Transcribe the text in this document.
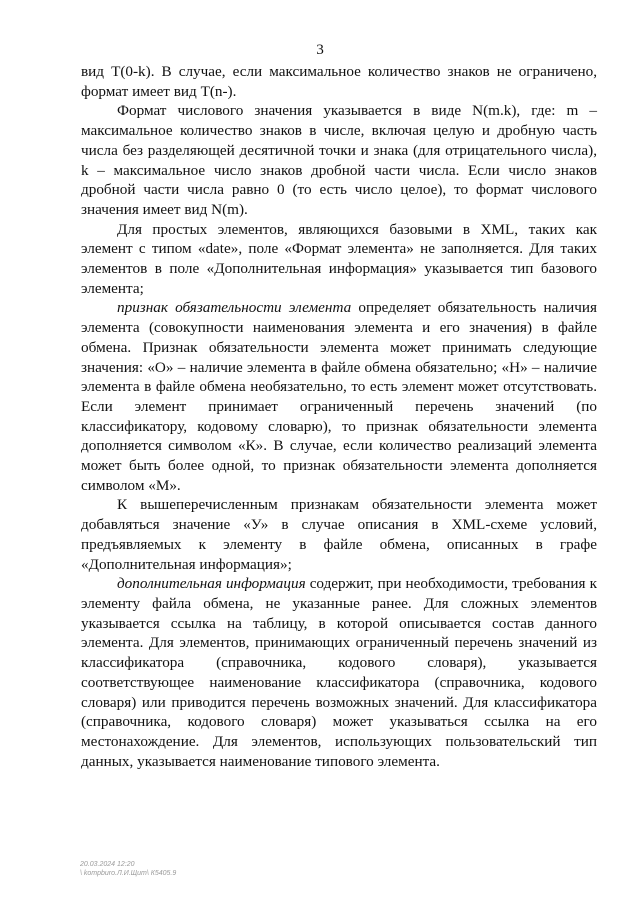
3

вид T(0-k). В случае, если максимальное количество знаков не ограничено, формат имеет вид T(n-).

Формат числового значения указывается в виде N(m.k), где: m – максимальное количество знаков в числе, включая целую и дробную часть числа без разделяющей десятичной точки и знака (для отрицательного числа), k – максимальное число знаков дробной части числа. Если число знаков дробной части числа равно 0 (то есть число целое), то формат числового значения имеет вид N(m).

Для простых элементов, являющихся базовыми в XML, таких как элемент с типом «date», поле «Формат элемента» не заполняется. Для таких элементов в поле «Дополнительная информация» указывается тип базового элемента;

признак обязательности элемента определяет обязательность наличия элемента (совокупности наименования элемента и его значения) в файле обмена. Признак обязательности элемента может принимать следующие значения: «О» – наличие элемента в файле обмена обязательно; «Н» – наличие элемента в файле обмена необязательно, то есть элемент может отсутствовать. Если элемент принимает ограниченный перечень значений (по классификатору, кодовому словарю), то признак обязательности элемента дополняется символом «К». В случае, если количество реализаций элемента может быть более одной, то признак обязательности элемента дополняется символом «М».

К вышеперечисленным признакам обязательности элемента может добавляться значение «У» в случае описания в XML-схеме условий, предъявляемых к элементу в файле обмена, описанных в графе «Дополнительная информация»;

дополнительная информация содержит, при необходимости, требования к элементу файла обмена, не указанные ранее. Для сложных элементов указывается ссылка на таблицу, в которой описывается состав данного элемента. Для элементов, принимающих ограниченный перечень значений из классификатора (справочника, кодового словаря), указывается соответствующее наименование классификатора (справочника, кодового словаря) или приводится перечень возможных значений. Для классификатора (справочника, кодового словаря) может указываться ссылка на его местонахождение. Для элементов, использующих пользовательский тип данных, указывается наименование типового элемента.

20.03.2024 12:20
\ kompburo.Л.И.Щит\ К5405.9
